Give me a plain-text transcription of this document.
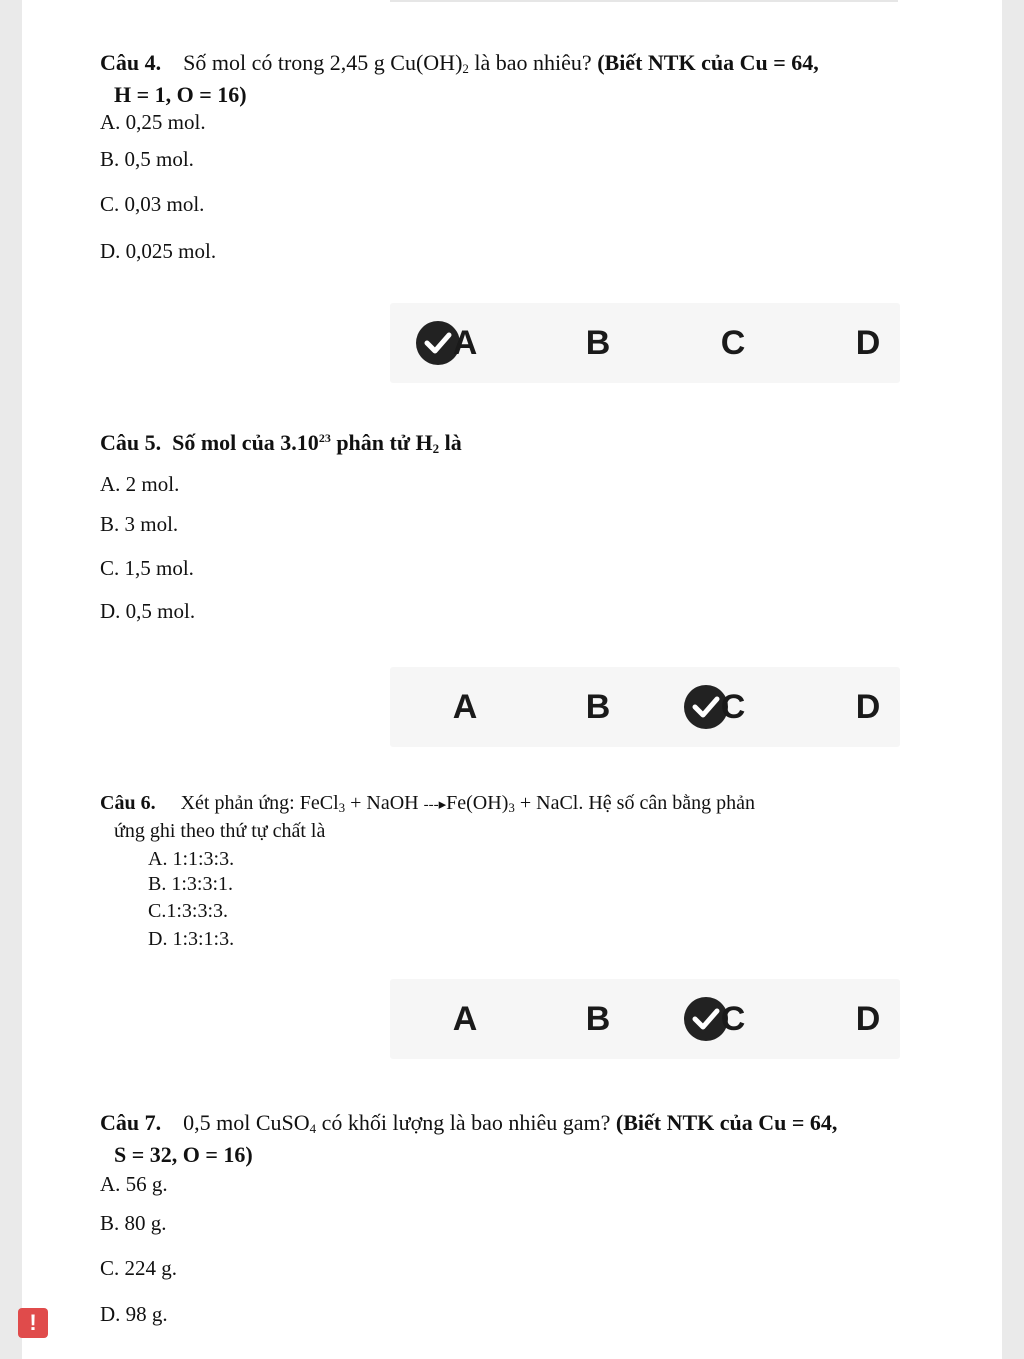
Câu 4. Số mol có trong 2,45 g $Cu(OH)_2$ là bao nhiêu? (Biết NTK của Cu = 64,
H = 1, O = 16)
A. 0,25 mol.
B. 0,5 mol.
C. 0,03 mol.
D. 0,025 mol.
A	B	C	D
Câu 5. Số mol của 3.10$^{23}$ phân tử $H_2$ là
A. 2 mol.
B. 3 mol.
C. 1,5 mol.
D. 0,5 mol.
A	B	C	D
Câu 6. Xét phản ứng: FeCl$_3$ + NaOH $---▸Fe(OH)_3$ + NaCl. Hệ số cân bằng phản
ứng ghi theo thứ tự chất là
A. 1:1:3:3.
B. 1:3:3:1.
C.1:3:3:3.
D. 1:3:1:3.
A	B	C	D
Câu 7. 0,5 mol CuSO$_4$ có khối lượng là bao nhiêu gam? (Biết NTK của Cu = 64,
S = 32, O = 16)
A. 56 g.
B. 80 g.
C. 224 g.
D. 98 g.
!
